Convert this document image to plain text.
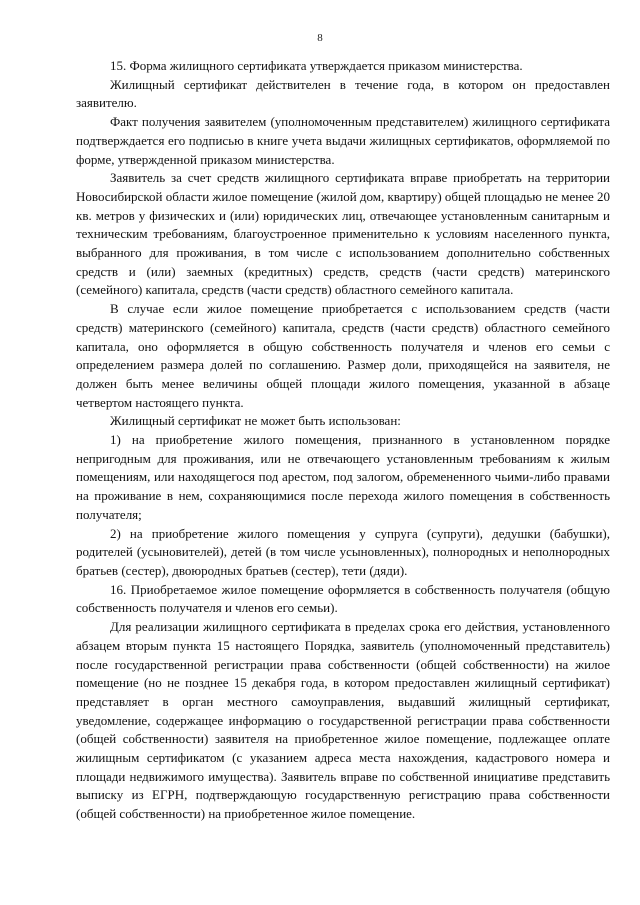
8

15. Форма жилищного сертификата утверждается приказом министерства.

Жилищный сертификат действителен в течение года, в котором он предоставлен заявителю.

Факт получения заявителем (уполномоченным представителем) жилищного сертификата подтверждается его подписью в книге учета выдачи жилищных сертификатов, оформляемой по форме, утвержденной приказом министерства.

Заявитель за счет средств жилищного сертификата вправе приобретать на территории Новосибирской области жилое помещение (жилой дом, квартиру) общей площадью не менее 20 кв. метров у физических и (или) юридических лиц, отвечающее установленным санитарным и техническим требованиям, благоустроенное применительно к условиям населенного пункта, выбранного для проживания, в том числе с использованием дополнительно собственных средств и (или) заемных (кредитных) средств, средств (части средств) материнского (семейного) капитала, средств (части средств) областного семейного капитала.

В случае если жилое помещение приобретается с использованием средств (части средств) материнского (семейного) капитала, средств (части средств) областного семейного капитала, оно оформляется в общую собственность получателя и членов его семьи с определением размера долей по соглашению. Размер доли, приходящейся на заявителя, не должен быть менее величины общей площади жилого помещения, указанной в абзаце четвертом настоящего пункта.

Жилищный сертификат не может быть использован:

1) на приобретение жилого помещения, признанного в установленном порядке непригодным для проживания, или не отвечающего установленным требованиям к жилым помещениям, или находящегося под арестом, под залогом, обремененного чьими-либо правами на проживание в нем, сохраняющимися после перехода жилого помещения в собственность получателя;

2) на приобретение жилого помещения у супруга (супруги), дедушки (бабушки), родителей (усыновителей), детей (в том числе усыновленных), полнородных и неполнородных братьев (сестер), двоюродных братьев (сестер), тети (дяди).

16. Приобретаемое жилое помещение оформляется в собственность получателя (общую собственность получателя и членов его семьи).

Для реализации жилищного сертификата в пределах срока его действия, установленного абзацем вторым пункта 15 настоящего Порядка, заявитель (уполномоченный представитель) после государственной регистрации права собственности (общей собственности) на жилое помещение (но не позднее 15 декабря года, в котором предоставлен жилищный сертификат) представляет в орган местного самоуправления, выдавший жилищный сертификат, уведомление, содержащее информацию о государственной регистрации права собственности (общей собственности) заявителя на приобретенное жилое помещение, подлежащее оплате жилищным сертификатом (с указанием адреса места нахождения, кадастрового номера и площади недвижимого имущества). Заявитель вправе по собственной инициативе представить выписку из ЕГРН, подтверждающую государственную регистрацию права собственности (общей собственности) на приобретенное жилое помещение.
